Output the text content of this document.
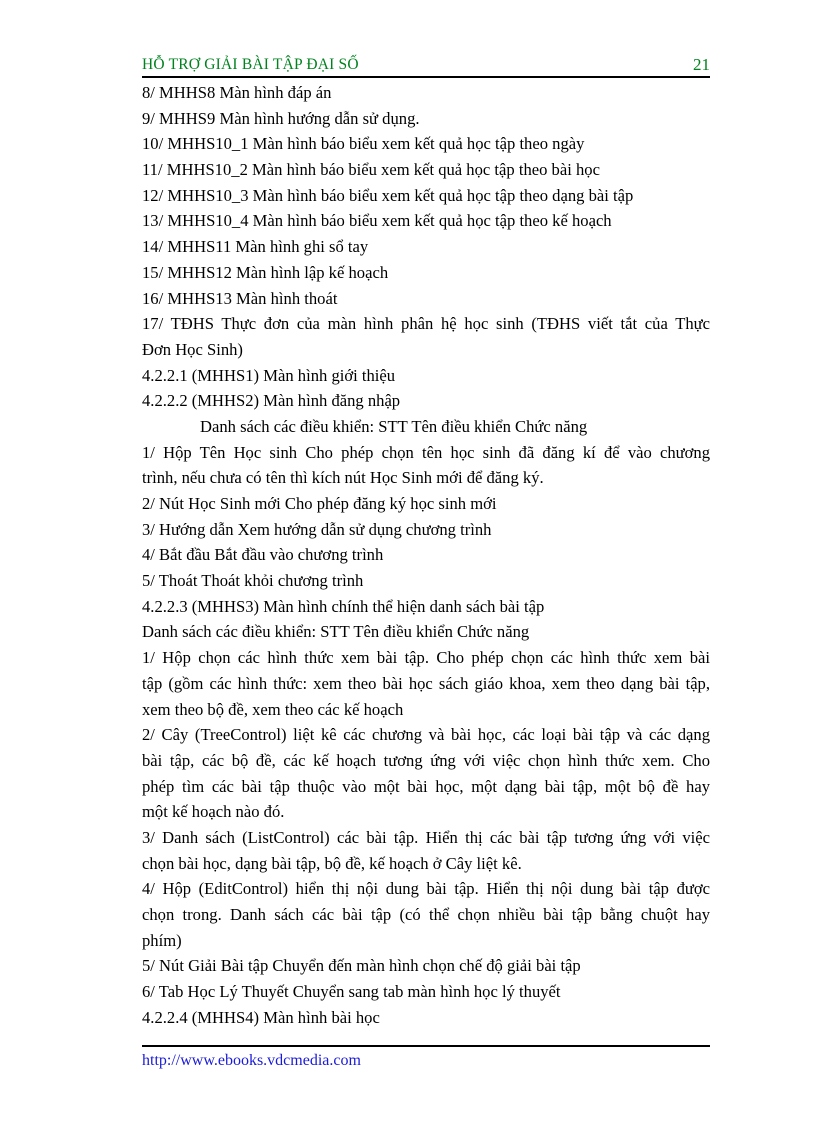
HỖ TRỢ GIẢI BÀI TẬP ĐẠI SỐ	21
8/ MHHS8 Màn hình đáp án
9/ MHHS9 Màn hình hướng dẫn sử dụng.
10/ MHHS10_1 Màn hình báo biểu xem kết quả học tập theo ngày
11/ MHHS10_2 Màn hình báo biểu xem kết quả học tập theo bài học
12/ MHHS10_3 Màn hình báo biểu xem kết quả học tập theo dạng bài tập
13/ MHHS10_4 Màn hình báo biểu xem kết quả học tập theo kế hoạch
14/ MHHS11 Màn hình ghi sổ tay
15/ MHHS12 Màn hình lập kế hoạch
16/ MHHS13 Màn hình thoát
17/ TĐHS Thực đơn của màn hình phân hệ học sinh (TĐHS viết tắt của Thực
Đơn Học Sinh)
4.2.2.1 (MHHS1) Màn hình giới thiệu
4.2.2.2 (MHHS2) Màn hình đăng nhập
Danh sách các điều khiển: STT Tên điều khiển Chức năng
1/ Hộp Tên Học sinh Cho phép chọn tên học sinh đã đăng kí để vào chương
trình, nếu chưa có tên thì kích nút Học Sinh mới để đăng ký.
2/ Nút Học Sinh mới Cho phép đăng ký học sinh mới
3/ Hướng dẫn Xem hướng dẫn sử dụng chương trình
4/ Bắt đầu Bắt đầu vào chương trình
5/ Thoát Thoát khỏi chương trình
4.2.2.3 (MHHS3) Màn hình chính thể hiện danh sách bài tập
Danh sách các điều khiển: STT Tên điều khiển Chức năng
1/ Hộp chọn các hình thức xem bài tập. Cho phép chọn các hình thức xem bài
tập (gồm các hình thức: xem theo bài học sách giáo khoa, xem theo dạng bài tập,
xem theo bộ đề, xem theo các kế hoạch
2/ Cây (TreeControl) liệt kê các chương và bài học, các loại bài tập và các dạng
bài tập, các bộ đề, các kế hoạch tương ứng với việc chọn hình thức xem. Cho
phép tìm các bài tập thuộc vào một bài học, một dạng bài tập, một bộ đề hay
một kế hoạch nào đó.
3/ Danh sách (ListControl) các bài tập. Hiển thị các bài tập tương ứng với việc
chọn bài học, dạng bài tập, bộ đề, kế hoạch ở Cây liệt kê.
4/ Hộp (EditControl) hiển thị nội dung bài tập. Hiển thị nội dung bài tập được
chọn trong. Danh sách các bài tập (có thể chọn nhiều bài tập bằng chuột hay
phím)
5/ Nút Giải Bài tập Chuyển đến màn hình chọn chế độ giải bài tập
6/ Tab Học Lý Thuyết Chuyển sang tab màn hình học lý thuyết
4.2.2.4 (MHHS4) Màn hình bài học
http://www.ebooks.vdcmedia.com
